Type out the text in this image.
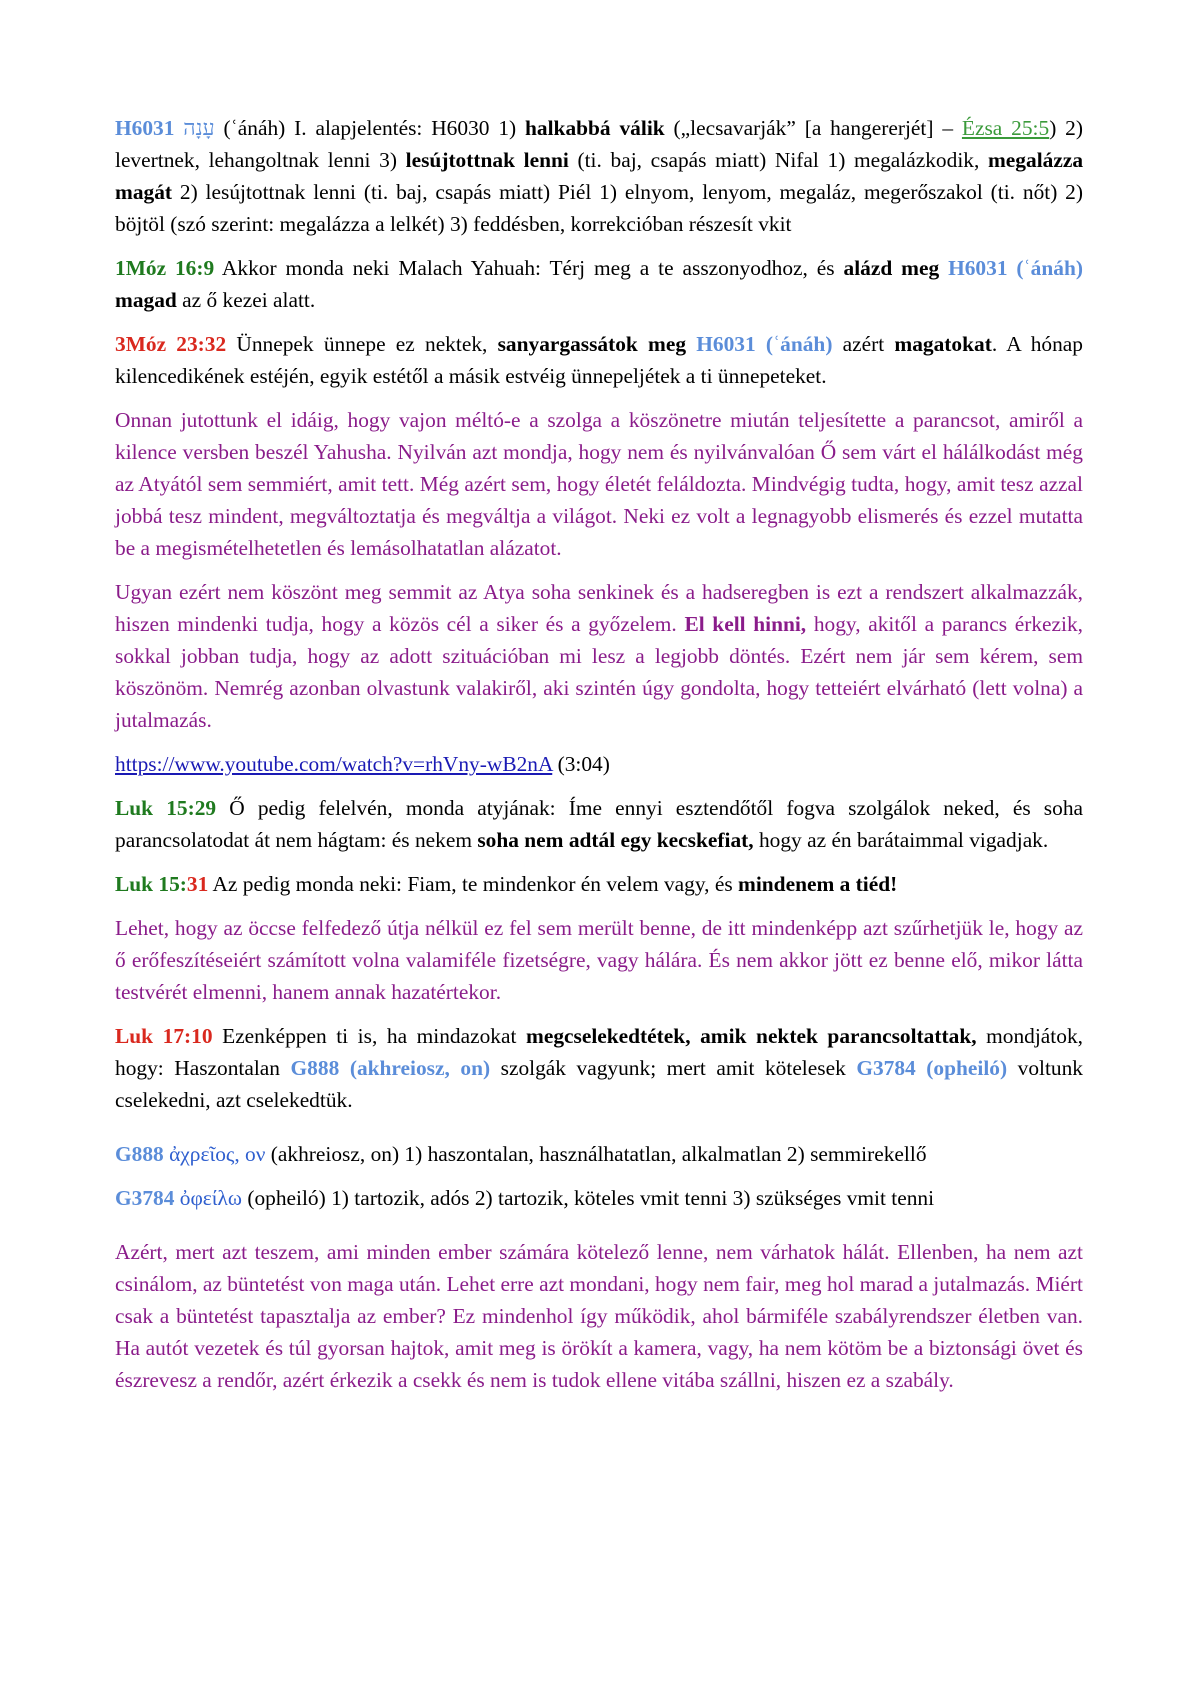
H6031 עָנָה (ʿánáh) I. alapjelentés: H6030 1) halkabbá válik („lecsavarják” [a hangererjét] – Ézsa 25:5) 2) levertnek, lehangoltnak lenni 3) lesújtottnak lenni (ti. baj, csapás miatt) Nifal 1) megalázkodik, megalázza magát 2) lesújtottnak lenni (ti. baj, csapás miatt) Piél 1) elnyom, lenyom, megaláz, megerőszakol (ti. nőt) 2) böjtöl (szó szerint: megalázza a lelkét) 3) feddésben, korrekcióban részesít vkit

1Móz 16:9 Akkor monda neki Malach Yahuah: Térj meg a te asszonyodhoz, és alázd meg H6031 (ʿánáh) magad az ő kezei alatt.

3Móz 23:32 Ünnepek ünnepe ez nektek, sanyargassátok meg H6031 (ʿánáh) azért magatokat. A hónap kilencedikének estéjén, egyik estétől a másik estvéig ünnepeljétek a ti ünnepeteket.

Onnan jutottunk el idáig, hogy vajon méltó-e a szolga a köszönetre miután teljesítette a parancsot, amiről a kilence versben beszél Yahusha. Nyilván azt mondja, hogy nem és nyilvánvalóan Ő sem várt el hálálkodást még az Atyától sem semmiért, amit tett. Még azért sem, hogy életét feláldozta. Mindvégig tudta, hogy, amit tesz azzal jobbá tesz mindent, megváltoztatja és megváltja a világot. Neki ez volt a legnagyobb elismerés és ezzel mutatta be a megismételhetetlen és lemásolhatatlan alázatot.

Ugyan ezért nem köszönt meg semmit az Atya soha senkinek és a hadseregben is ezt a rendszert alkalmazzák, hiszen mindenki tudja, hogy a közös cél a siker és a győzelem. El kell hinni, hogy, akitől a parancs érkezik, sokkal jobban tudja, hogy az adott szituációban mi lesz a legjobb döntés. Ezért nem jár sem kérem, sem köszönöm. Nemrég azonban olvastunk valakiről, aki szintén úgy gondolta, hogy tetteiért elvárható (lett volna) a jutalmazás.

https://www.youtube.com/watch?v=rhVny-wB2nA (3:04)

Luk 15:29 Ő pedig felelvén, monda atyjának: Íme ennyi esztendőtől fogva szolgálok neked, és soha parancsolatodat át nem hágtam: és nekem soha nem adtál egy kecskefiat, hogy az én barátaimmal vigadjak.

Luk 15:31 Az pedig monda neki: Fiam, te mindenkor én velem vagy, és mindenem a tiéd!

Lehet, hogy az öccse felfedező útja nélkül ez fel sem merült benne, de itt mindenképp azt szűrhetjük le, hogy az ő erőfeszítéseiért számított volna valamiféle fizetségre, vagy hálára. És nem akkor jött ez benne elő, mikor látta testvérét elmenni, hanem annak hazatértekor.

Luk 17:10 Ezenképpen ti is, ha mindazokat megcselekedtétek, amik nektek parancsoltattak, mondjátok, hogy: Haszontalan G888 (akhreiosz, on) szolgák vagyunk; mert amit kötelesek G3784 (opheiló) voltunk cselekedni, azt cselekedtük.

G888 ἀχρεῖος, ον (akhreiosz, on) 1) haszontalan, használhatatlan, alkalmatlan 2) semmirekellő

G3784 ὀφείλω (opheiló) 1) tartozik, adós 2) tartozik, köteles vmit tenni 3) szükséges vmit tenni

Azért, mert azt teszem, ami minden ember számára kötelező lenne, nem várhatok hálát. Ellenben, ha nem azt csinálom, az büntetést von maga után. Lehet erre azt mondani, hogy nem fair, meg hol marad a jutalmazás. Miért csak a büntetést tapasztalja az ember? Ez mindenhol így működik, ahol bármiféle szabályrendszer életben van. Ha autót vezetek és túl gyorsan hajtok, amit meg is örökít a kamera, vagy, ha nem kötöm be a biztonsági övet és észrevesz a rendőr, azért érkezik a csekk és nem is tudok ellene vitába szállni, hiszen ez a szabály.
